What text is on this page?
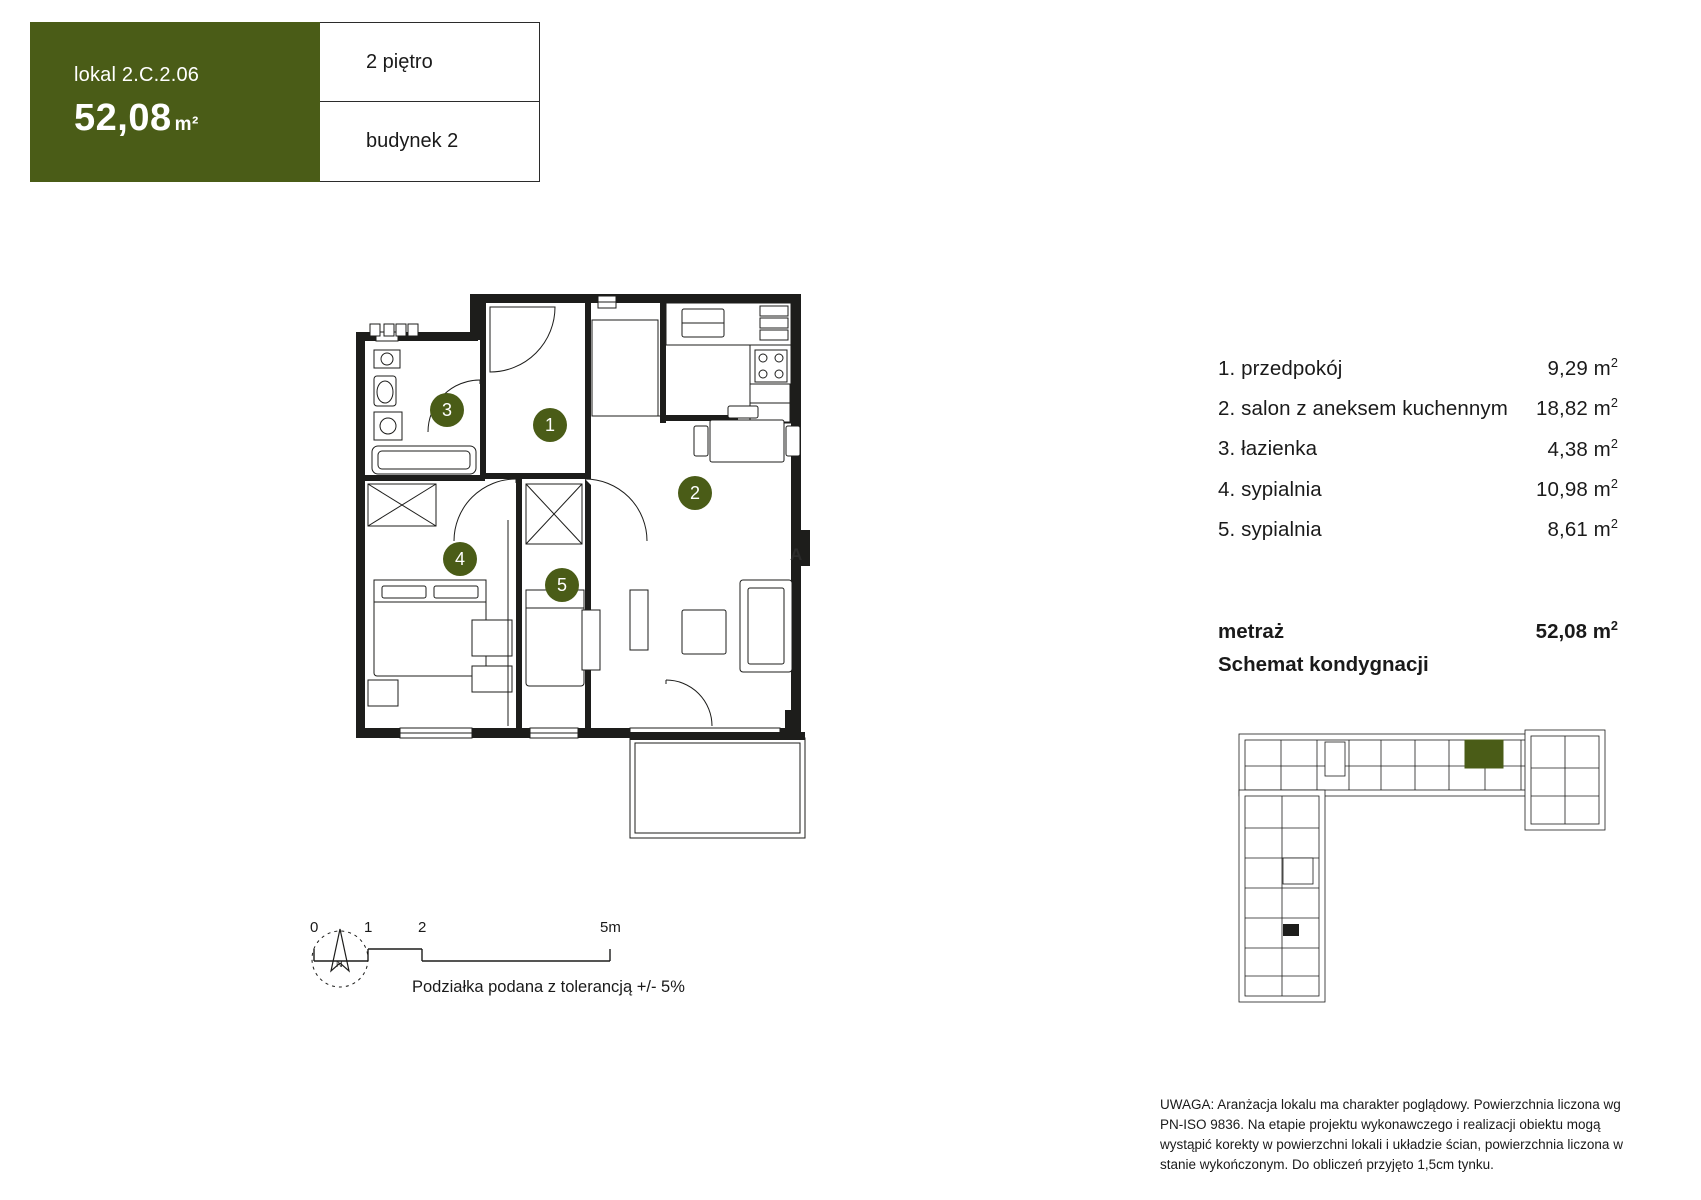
lokal 2.C.2.06
52,08 m²
2 piętro
budynek 2
3
1
2
4
5
A
N
0	1	2	5m
Podziałka podana z tolerancją +/- 5%
1. przedpokój	9,29 $m^2$
2. salon z aneksem kuchennym 18,82 $m^2$
3. łazienka	4,38 $m^2$
4. sypialnia	10,98 $m^2$
5. sypialnia	8,61 $m^2$
metraż	52,08 $m^2$
Schemat kondygnacji
UWAGA: Aranżacja lokalu ma charakter poglądowy. Powierzchnia liczona wg PN-ISO 9836. Na etapie projektu wykonawczego i realizacji obiektu mogą wystąpić korekty w powierzchni lokali i układzie ścian, powierzchnia liczona w stanie wykończonym. Do obliczeń przyjęto 1,5cm tynku.
